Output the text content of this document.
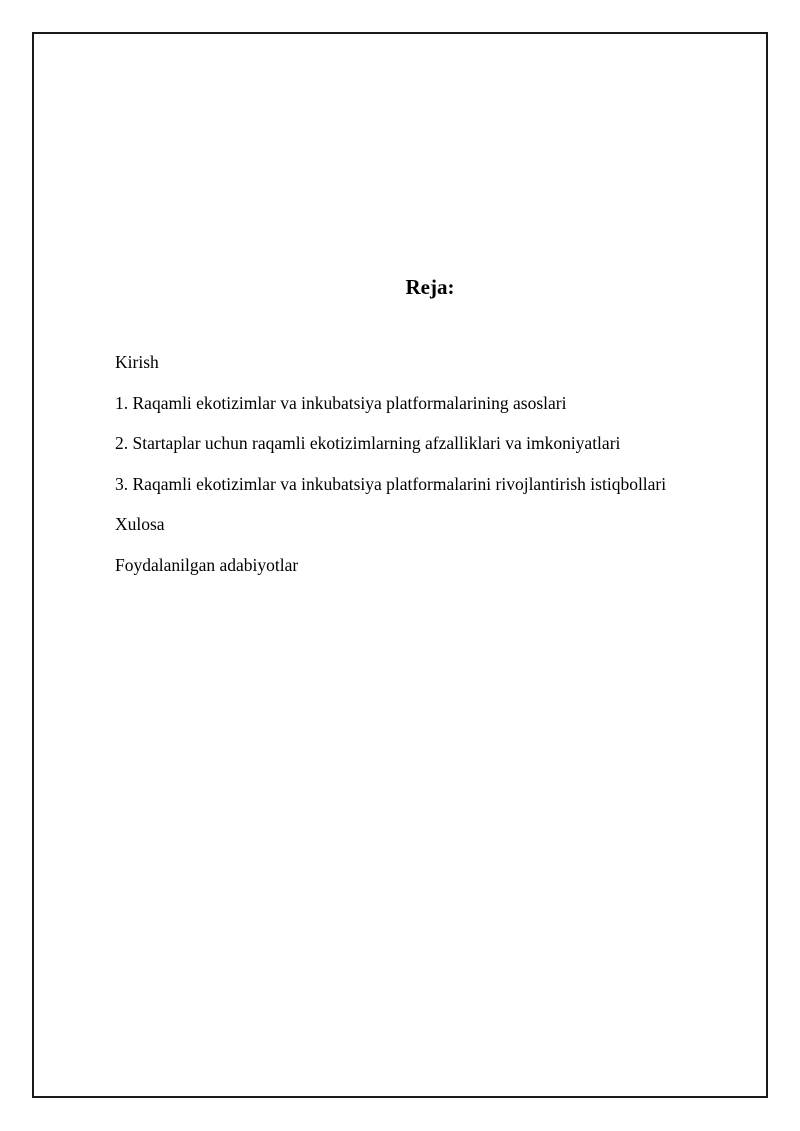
Reja:
Kirish
1. Raqamli ekotizimlar va inkubatsiya platformalarining asoslari
2. Startaplar uchun raqamli ekotizimlarning afzalliklari va imkoniyatlari
3. Raqamli ekotizimlar va inkubatsiya platformalarini rivojlantirish istiqbollari
Xulosa
Foydalanilgan adabiyotlar
